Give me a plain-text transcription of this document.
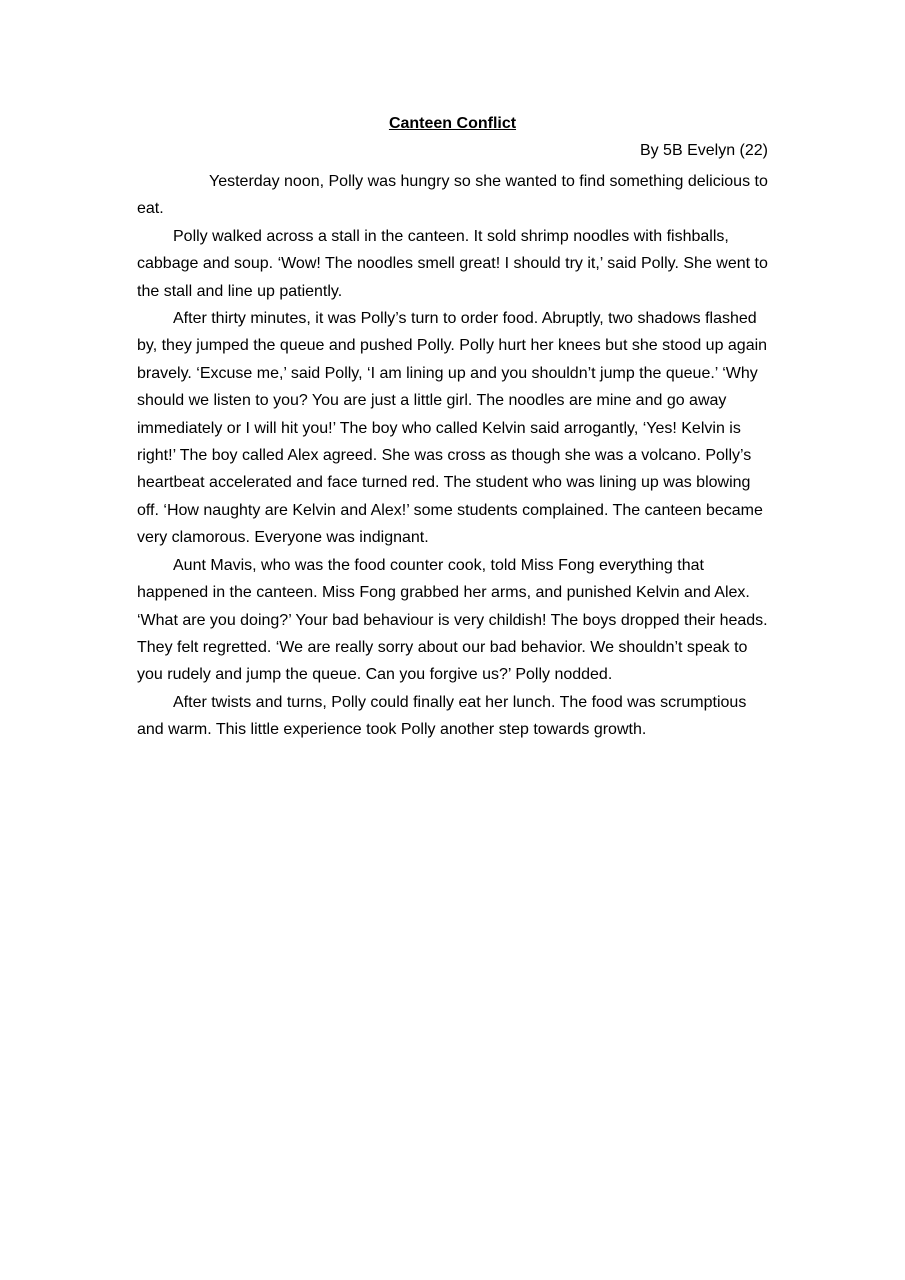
Canteen Conflict
By 5B Evelyn (22)

Yesterday noon, Polly was hungry so she wanted to find something delicious to eat.

Polly walked across a stall in the canteen. It sold shrimp noodles with fishballs, cabbage and soup. ‘Wow! The noodles smell great! I should try it,’ said Polly. She went to the stall and line up patiently.

After thirty minutes, it was Polly’s turn to order food. Abruptly, two shadows flashed by, they jumped the queue and pushed Polly. Polly hurt her knees but she stood up again bravely. ‘Excuse me,’ said Polly, ‘I am lining up and you shouldn’t jump the queue.’ ‘Why should we listen to you? You are just a little girl. The noodles are mine and go away immediately or I will hit you!’ The boy who called Kelvin said arrogantly, ‘Yes! Kelvin is right!’ The boy called Alex agreed. She was cross as though she was a volcano. Polly’s heartbeat accelerated and face turned red. The student who was lining up was blowing off. ‘How naughty are Kelvin and Alex!’ some students complained. The canteen became very clamorous. Everyone was indignant.

Aunt Mavis, who was the food counter cook, told Miss Fong everything that happened in the canteen. Miss Fong grabbed her arms, and punished Kelvin and Alex. ‘What are you doing?’ Your bad behaviour is very childish! The boys dropped their heads. They felt regretted. ‘We are really sorry about our bad behavior. We shouldn’t speak to you rudely and jump the queue. Can you forgive us?’ Polly nodded.

After twists and turns, Polly could finally eat her lunch. The food was scrumptious and warm. This little experience took Polly another step towards growth.
